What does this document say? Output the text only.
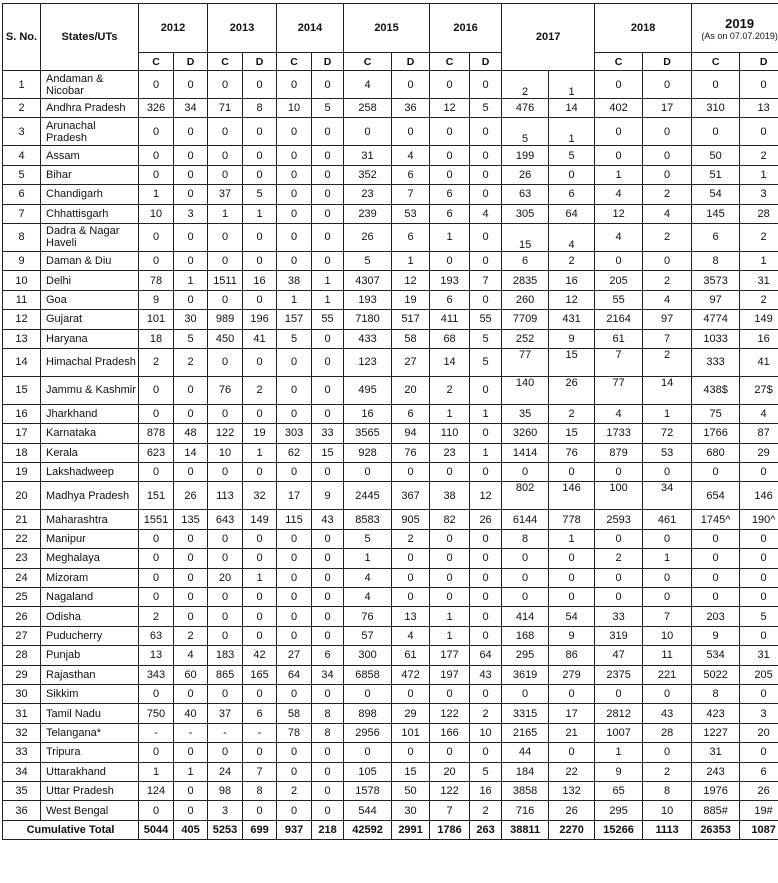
S. No.	States/UTs	2012		2013		2014		2015		2016		2017		2018		2019
(As on 07.07.2019)	

		C	D	C	D	C	D	C	D	C	D			C	D	C	D
1	Andaman & Nicobar	0	0	0	0	0	0	4	0	0	0	2	1	0	0	0	0
2	Andhra Pradesh	326	34	71	8	10	5	258	36	12	5	476	14	402	17	310	13
3	Arunachal Pradesh	0	0	0	0	0	0	0	0	0	0	5	1	0	0	0	0
4	Assam	0	0	0	0	0	0	31	4	0	0	199	5	0	0	50	2
5	Bihar	0	0	0	0	0	0	352	6	0	0	26	0	1	0	51	1
6	Chandigarh	1	0	37	5	0	0	23	7	6	0	63	6	4	2	54	3
7	Chhattisgarh	10	3	1	1	0	0	239	53	6	4	305	64	12	4	145	28
8	Dadra & Nagar Haveli	0	0	0	0	0	0	26	6	1	0	15	4	4	2	6	2
9	Daman & Diu	0	0	0	0	0	0	5	1	0	0	6	2	0	0	8	1
10	Delhi	78	1	1511	16	38	1	4307	12	193	7	2835	16	205	2	3573	31
11	Goa	9	0	0	0	1	1	193	19	6	0	260	12	55	4	97	2
12	Gujarat	101	30	989	196	157	55	7180	517	411	55	7709	431	2164	97	4774	149
13	Haryana	18	5	450	41	5	0	433	58	68	5	252	9	61	7	1033	16
14	Himachal Pradesh	2	2	0	0	0	0	123	27	14	5	77	15	7	2	333	41
15	Jammu & Kashmir	0	0	76	2	0	0	495	20	2	0	140	26	77	14	438$	27$
16	Jharkhand	0	0	0	0	0	0	16	6	1	1	35	2	4	1	75	4
17	Karnataka	878	48	122	19	303	33	3565	94	110	0	3260	15	1733	72	1766	87
18	Kerala	623	14	10	1	62	15	928	76	23	1	1414	76	879	53	680	29
19	Lakshadweep	0	0	0	0	0	0	0	0	0	0	0	0	0	0	0	0
20	Madhya Pradesh	151	26	113	32	17	9	2445	367	38	12	802	146	100	34	654	146
21	Maharashtra	1551	135	643	149	115	43	8583	905	82	26	6144	778	2593	461	1745^	190^
22	Manipur	0	0	0	0	0	0	5	2	0	0	8	1	0	0	0	0
23	Meghalaya	0	0	0	0	0	0	1	0	0	0	0	0	2	1	0	0
24	Mizoram	0	0	20	1	0	0	4	0	0	0	0	0	0	0	0	0
25	Nagaland	0	0	0	0	0	0	4	0	0	0	0	0	0	0	0	0
26	Odisha	2	0	0	0	0	0	76	13	1	0	414	54	33	7	203	5
27	Puducherry	63	2	0	0	0	0	57	4	1	0	168	9	319	10	9	0
28	Punjab	13	4	183	42	27	6	300	61	177	64	295	86	47	11	534	31
29	Rajasthan	343	60	865	165	64	34	6858	472	197	43	3619	279	2375	221	5022	205
30	Sikkim	0	0	0	0	0	0	0	0	0	0	0	0	0	0	8	0
31	Tamil Nadu	750	40	37	6	58	8	898	29	122	2	3315	17	2812	43	423	3
32	Telangana*	-	-	-	-	78	8	2956	101	166	10	2165	21	1007	28	1227	20
33	Tripura	0	0	0	0	0	0	0	0	0	0	44	0	1	0	31	0
34	Uttarakhand	1	1	24	7	0	0	105	15	20	5	184	22	9	2	243	6
35	Uttar Pradesh	124	0	98	8	2	0	1578	50	122	16	3858	132	65	8	1976	26
36	West Bengal	0	0	3	0	0	0	544	30	7	2	716	26	295	10	885#	19#
Cumulative Total		5044	405	5253	699	937	218	42592	2991	1786	263	38811	2270	15266	1113	26353	1087
